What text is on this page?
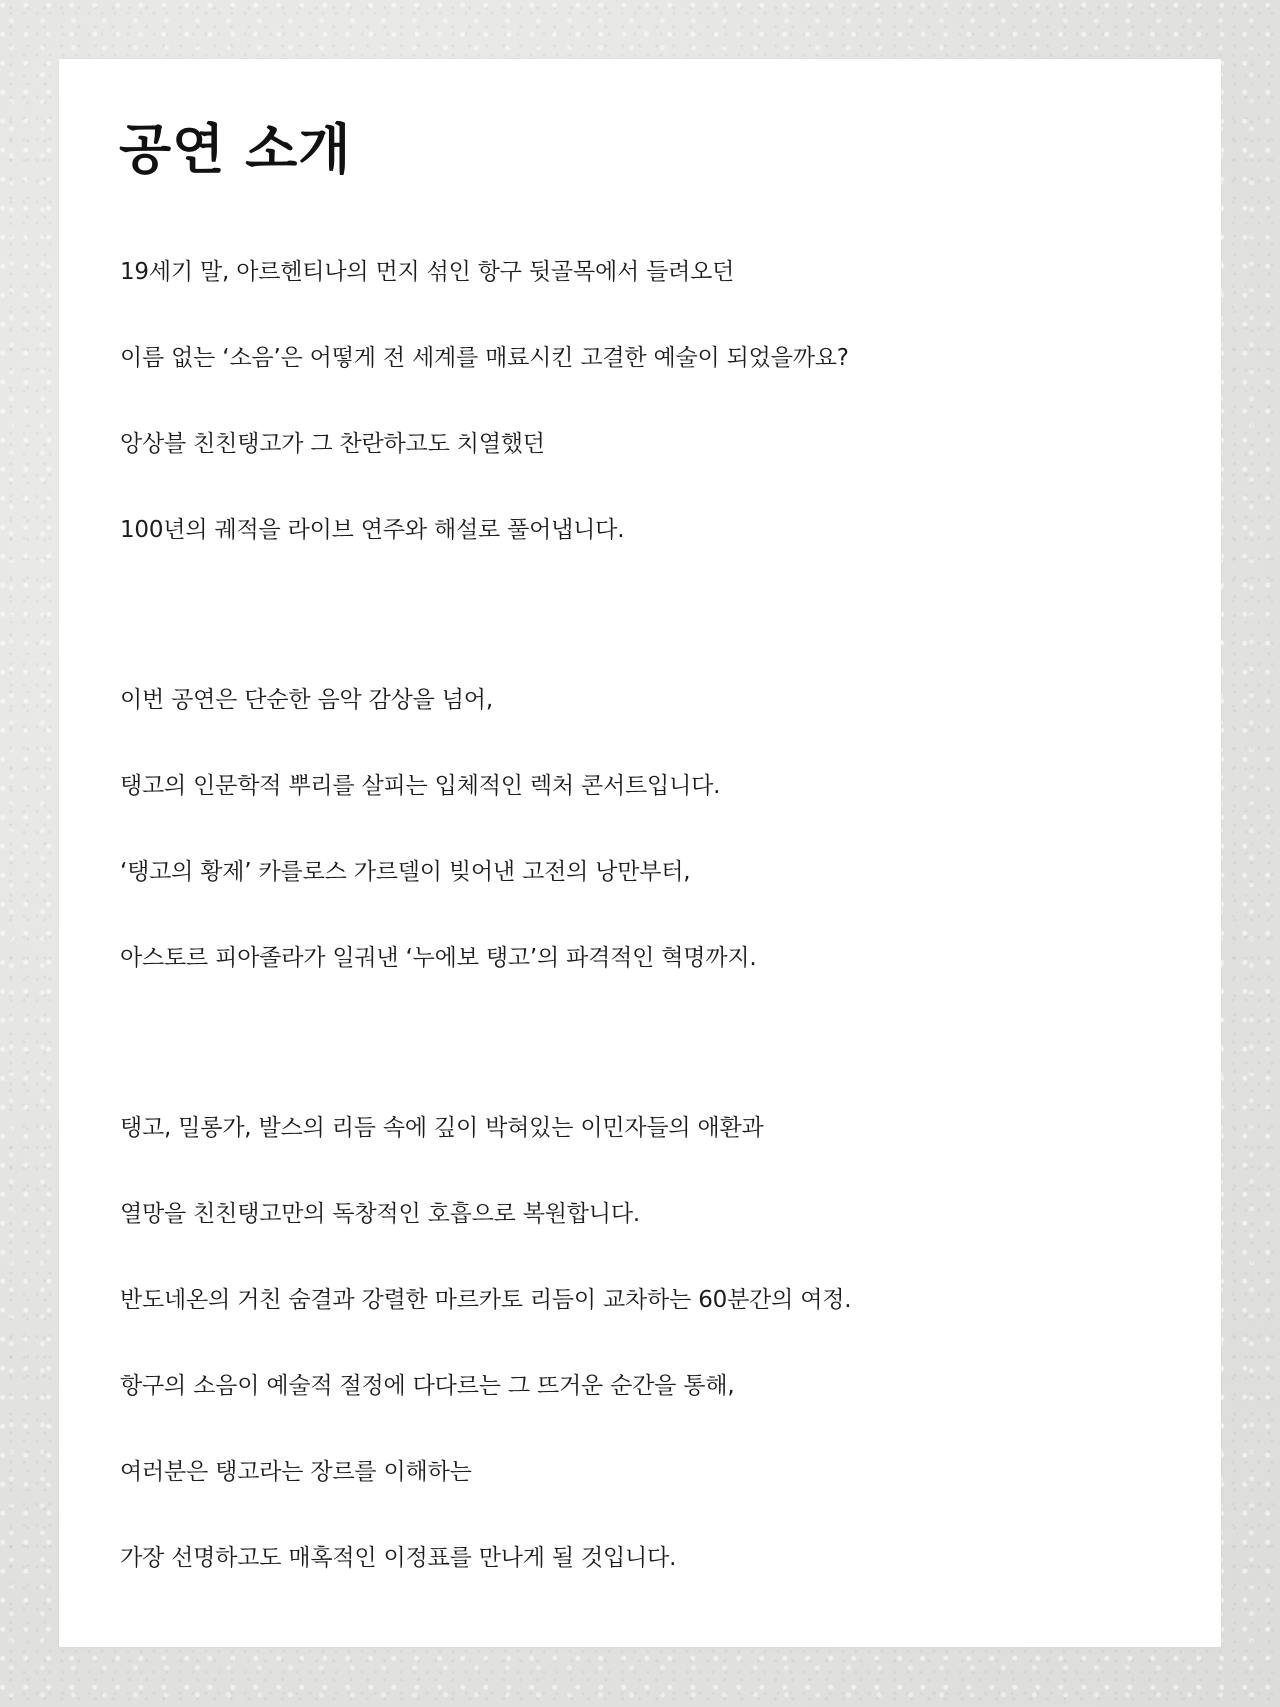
공연 소개

19세기 말, 아르헨티나의 먼지 섞인 항구 뒷골목에서 들려오던

이름 없는 ‘소음’은 어떻게 전 세계를 매료시킨 고결한 예술이 되었을까요?

앙상블 친친탱고가 그 찬란하고도 치열했던

100년의 궤적을 라이브 연주와 해설로 풀어냅니다.

이번 공연은 단순한 음악 감상을 넘어,

탱고의 인문학적 뿌리를 살피는 입체적인 렉처 콘서트입니다.

‘탱고의 황제’ 카를로스 가르델이 빚어낸 고전의 낭만부터,

아스토르 피아졸라가 일궈낸 ‘누에보 탱고’의 파격적인 혁명까지.

탱고, 밀롱가, 발스의 리듬 속에 깊이 박혀있는 이민자들의 애환과

열망을 친친탱고만의 독창적인 호흡으로 복원합니다.

반도네온의 거친 숨결과 강렬한 마르카토 리듬이 교차하는 60분간의 여정.

항구의 소음이 예술적 절정에 다다르는 그 뜨거운 순간을 통해,

여러분은 탱고라는 장르를 이해하는

가장 선명하고도 매혹적인 이정표를 만나게 될 것입니다.
